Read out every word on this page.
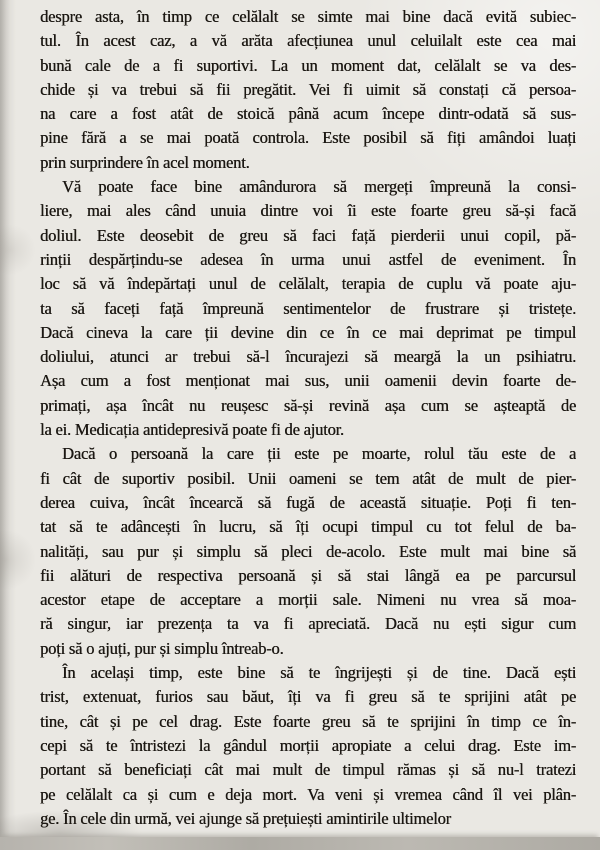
despre asta, în timp ce celălalt se simte mai bine dacă evită subiec-
tul. În acest caz, a vă arăta afecțiunea unul celuilalt este cea mai
bună cale de a fi suportivi. La un moment dat, celălalt se va des-
chide și va trebui să fii pregătit. Vei fi uimit să constați că persoa-
na care a fost atât de stoică până acum începe dintr-odată să sus-
pine fără a se mai poată controla. Este posibil să fiți amândoi luați
prin surprindere în acel moment.
Vă poate face bine amândurora să mergeți împreună la consi-
liere, mai ales când unuia dintre voi îi este foarte greu să-și facă
doliul. Este deosebit de greu să faci față pierderii unui copil, pă-
rinții despărțindu-se adesea în urma unui astfel de eveniment. În
loc să vă îndepărtați unul de celălalt, terapia de cuplu vă poate aju-
ta să faceți față împreună sentimentelor de frustrare și tristețe.
Dacă cineva la care ții devine din ce în ce mai deprimat pe timpul
doliului, atunci ar trebui să-l încurajezi să meargă la un psihiatru.
Așa cum a fost menționat mai sus, unii oamenii devin foarte de-
primați, așa încât nu reușesc să-și revină așa cum se așteaptă de
la ei. Medicația antidepresivă poate fi de ajutor.
Dacă o persoană la care ții este pe moarte, rolul tău este de a
fi cât de suportiv posibil. Unii oameni se tem atât de mult de pier-
derea cuiva, încât încearcă să fugă de această situație. Poți fi ten-
tat să te adâncești în lucru, să îți ocupi timpul cu tot felul de ba-
nalități, sau pur și simplu să pleci de-acolo. Este mult mai bine să
fii alături de respectiva persoană și să stai lângă ea pe parcursul
acestor etape de acceptare a morții sale. Nimeni nu vrea să moa-
ră singur, iar prezența ta va fi apreciată. Dacă nu ești sigur cum
poți să o ajuți, pur și simplu întreab-o.
În același timp, este bine să te îngrijești și de tine. Dacă ești
trist, extenuat, furios sau băut, îți va fi greu să te sprijini atât pe
tine, cât și pe cel drag. Este foarte greu să te sprijini în timp ce în-
cepi să te întristezi la gândul morții apropiate a celui drag. Este im-
portant să beneficiați cât mai mult de timpul rămas și să nu-l tratezi
pe celălalt ca și cum e deja mort. Va veni și vremea când îl vei plân-
ge. În cele din urmă, vei ajunge să prețuiești amintirile ultimelor
